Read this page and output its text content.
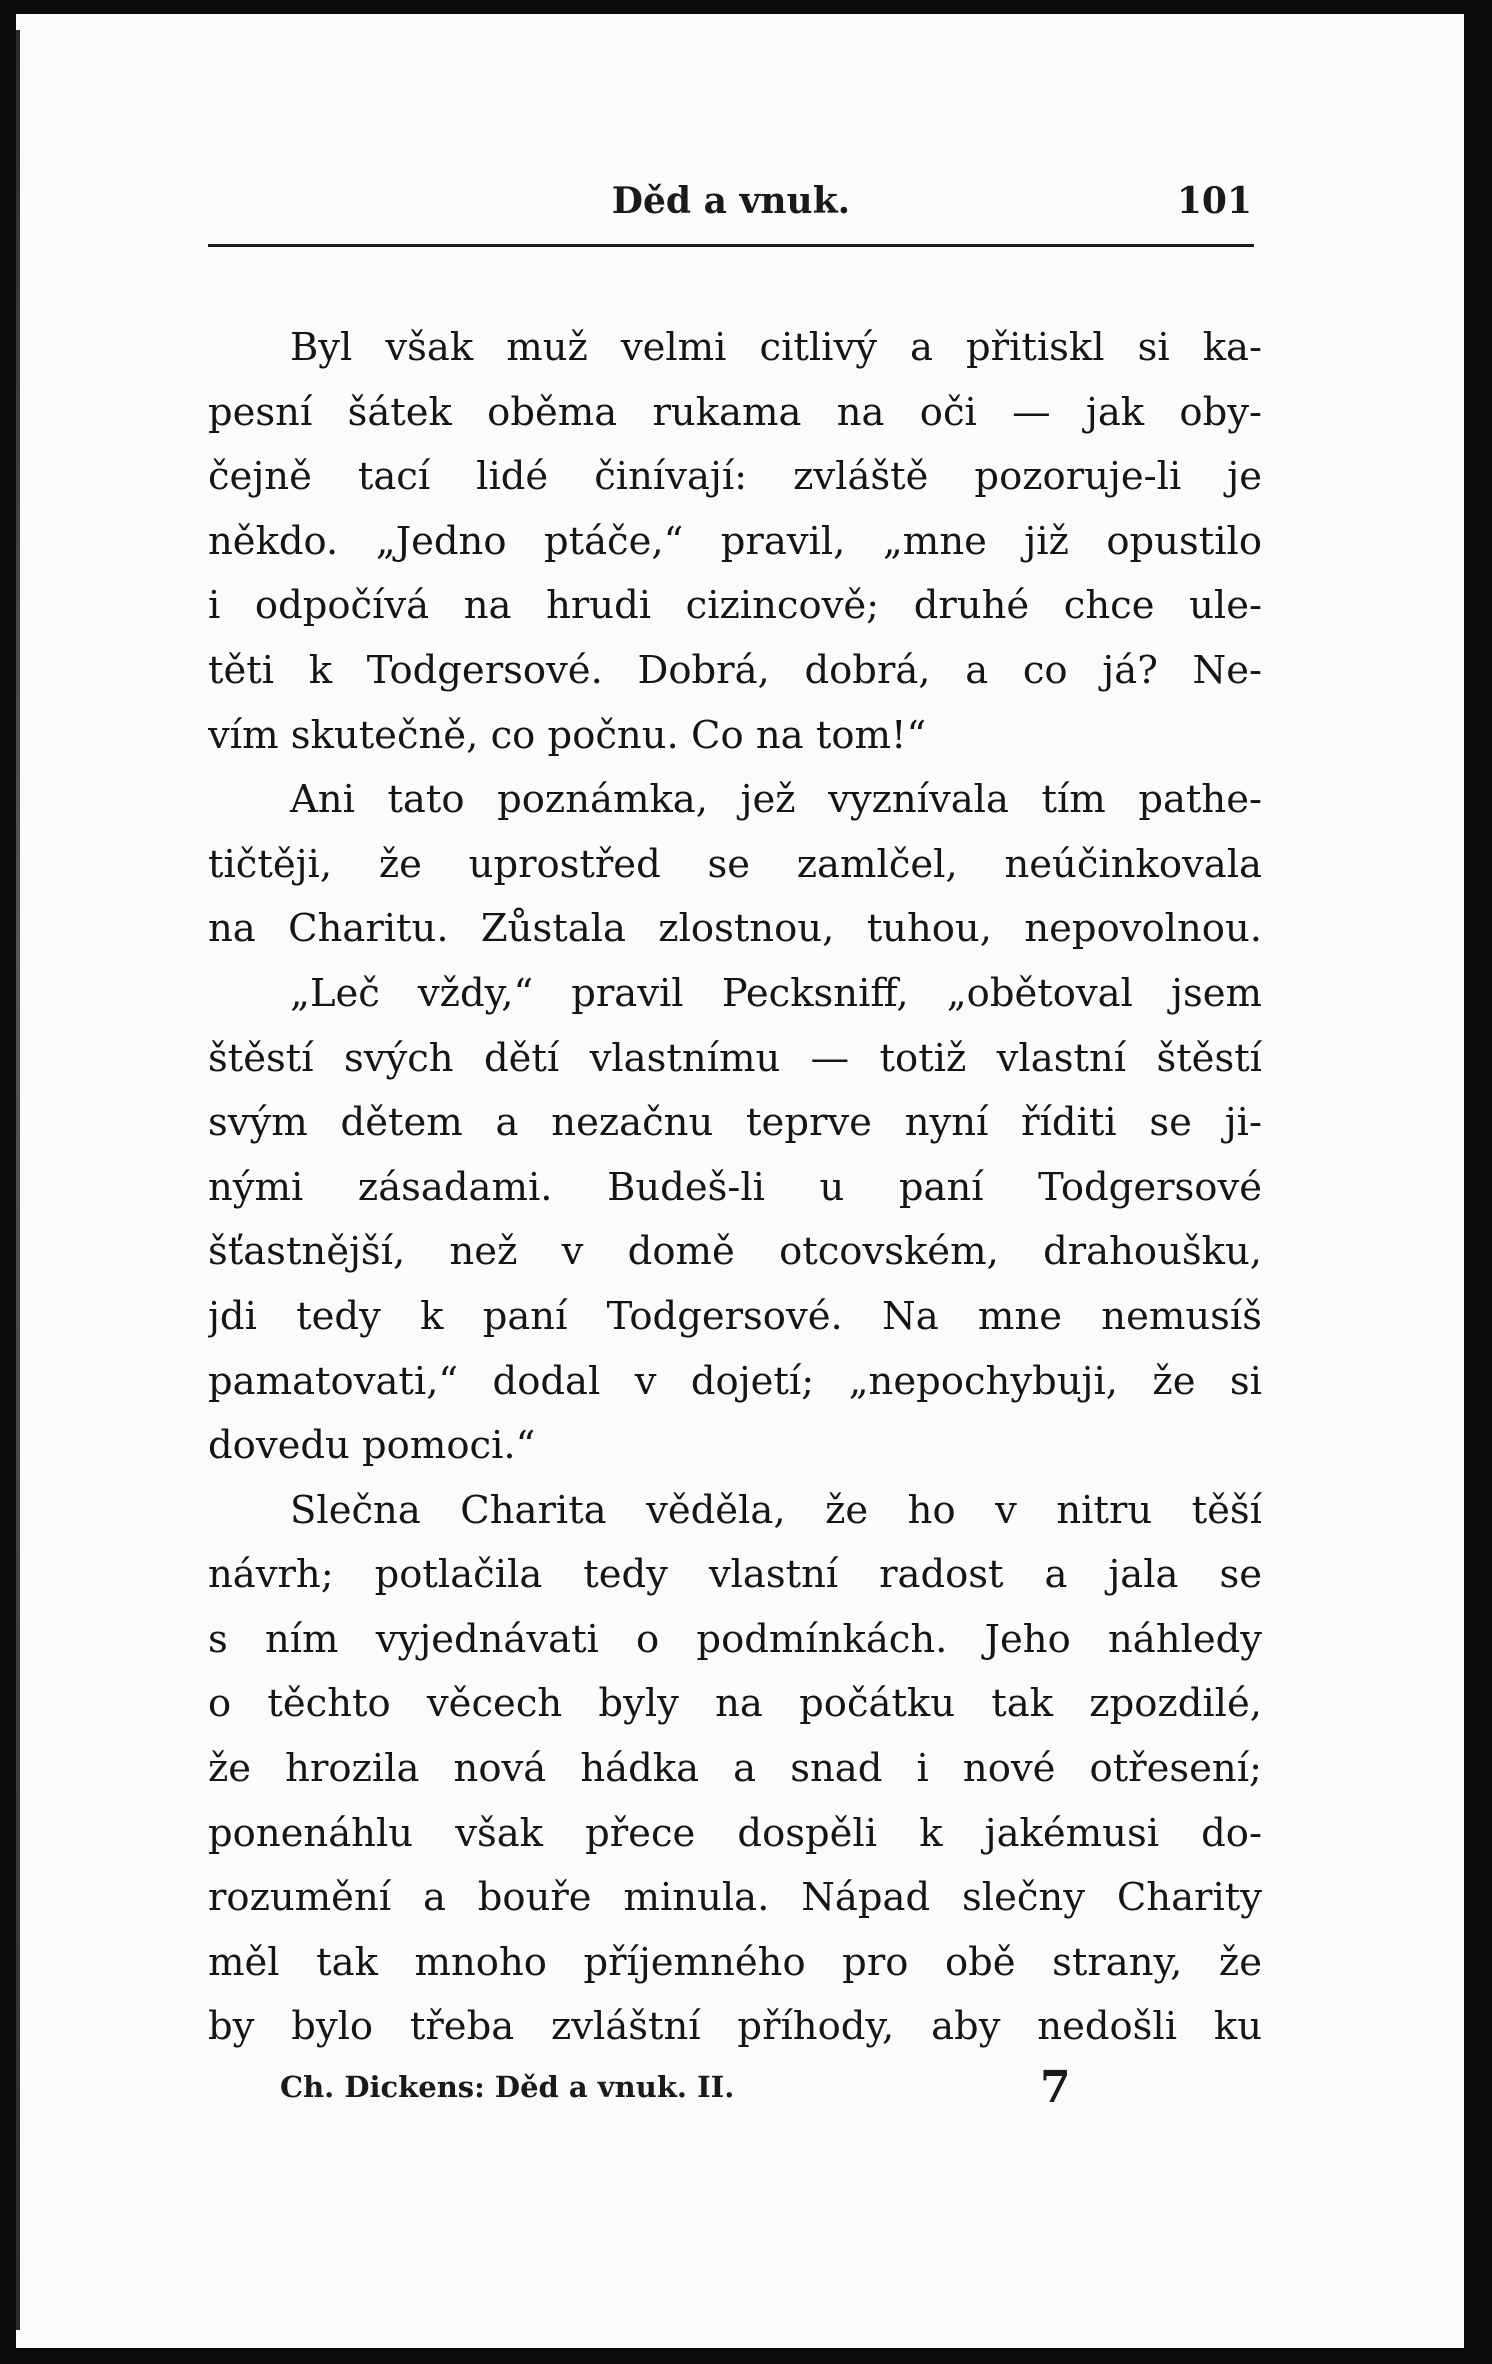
Děd a vnuk.	101
Byl však muž velmi citlivý a přitiskl si ka-
pesní šátek oběma rukama na oči — jak oby-
čejně tací lidé činívají: zvláště pozoruje-li je
někdo. „Jedno ptáče,“ pravil, „mne již opustilo
i odpočívá na hrudi cizincově; druhé chce ule-
těti k Todgersové. Dobrá, dobrá, a co já? Ne-
vím skutečně, co počnu. Co na tom!“
Ani tato poznámka, jež vyznívala tím pathe-
tičtěji, že uprostřed se zamlčel, neúčinkovala
na Charitu. Zůstala zlostnou, tuhou, nepovolnou.
„Leč vždy,“ pravil Pecksniff, „obětoval jsem
štěstí svých dětí vlastnímu — totiž vlastní štěstí
svým dětem a nezačnu teprve nyní říditi se ji-
nými zásadami. Budeš-li u paní Todgersové
šťastnější, než v domě otcovském, drahoušku,
jdi tedy k paní Todgersové. Na mne nemusíš
pamatovati,“ dodal v dojetí; „nepochybuji, že si
dovedu pomoci.“
Slečna Charita věděla, že ho v nitru těší
návrh; potlačila tedy vlastní radost a jala se
s ním vyjednávati o podmínkách. Jeho náhledy
o těchto věcech byly na počátku tak zpozdilé,
že hrozila nová hádka a snad i nové otřesení;
ponenáhlu však přece dospěli k jakémusi do-
rozumění a bouře minula. Nápad slečny Charity
měl tak mnoho příjemného pro obě strany, že
by bylo třeba zvláštní příhody, aby nedošli ku
Ch. Dickens: Děd a vnuk. II.	7
